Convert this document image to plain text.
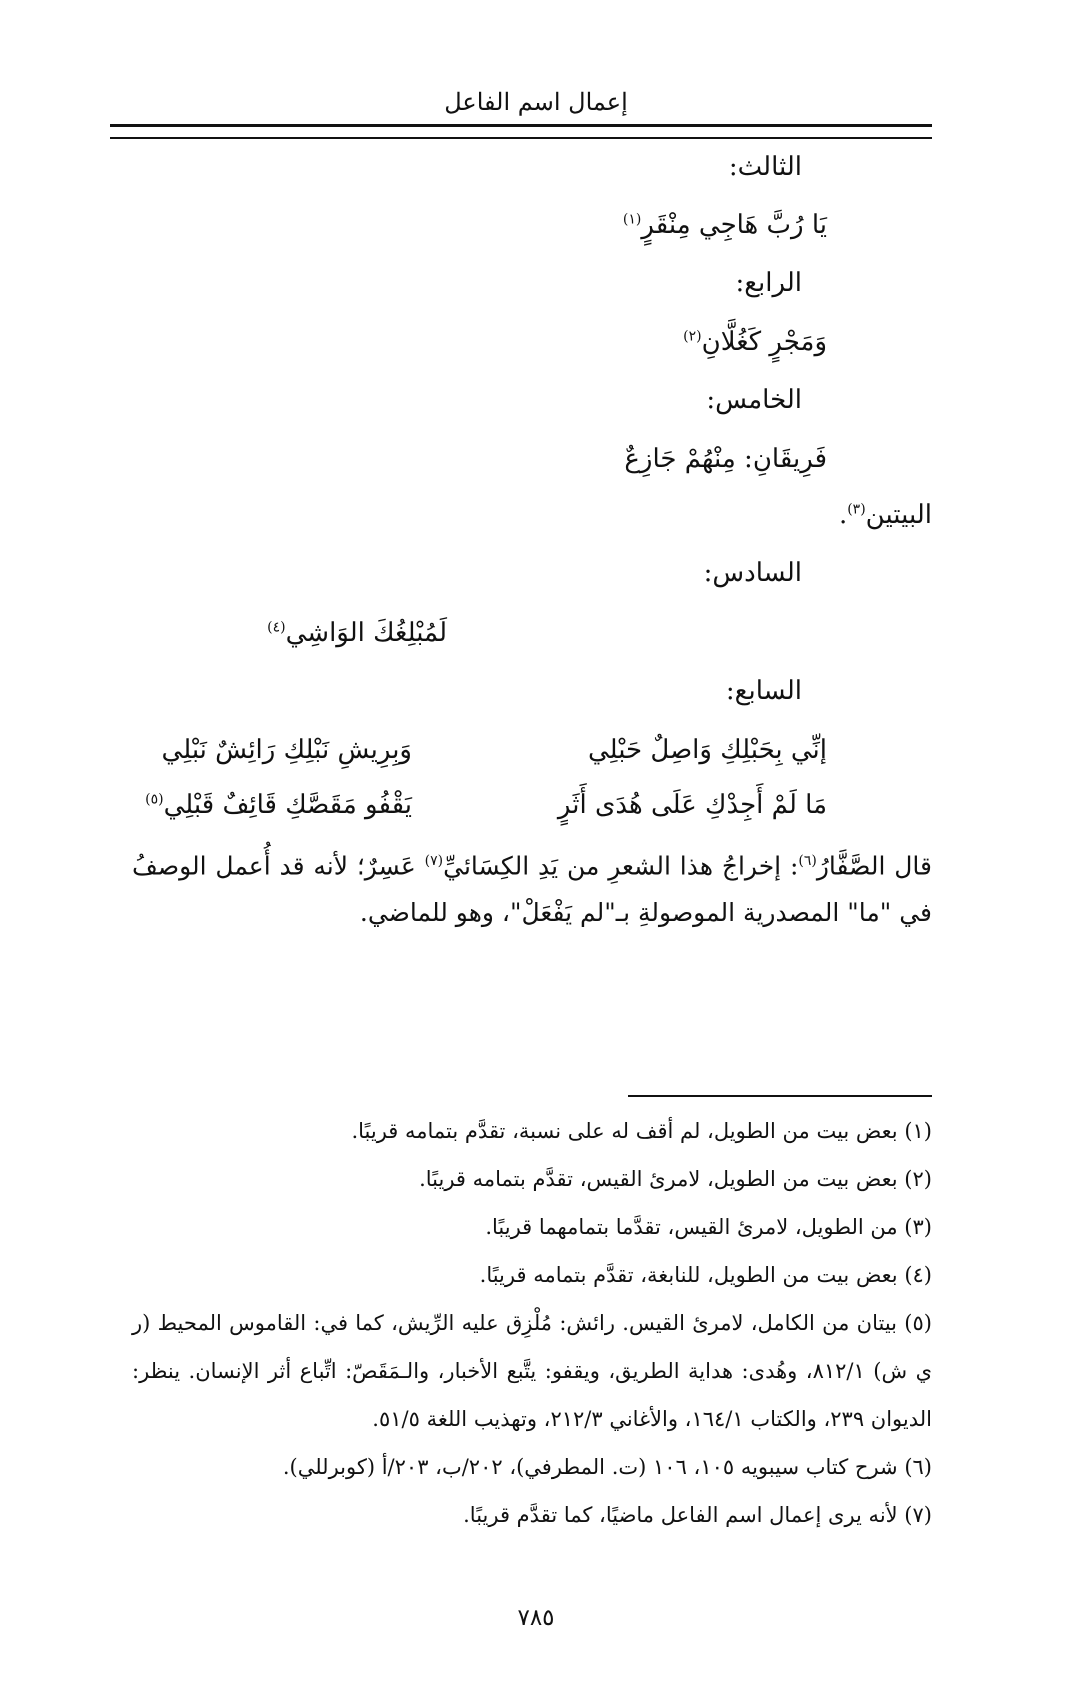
إعمال اسم الفاعل
الثالث:
يَا رُبَّ هَاجِي مِنْقَرٍ$^{(١)}$
الرابع:
وَمَجْرٍ كَغُلَّانِ$^{(٢)}$
الخامس:
فَرِيقَانِ: مِنْهُمْ جَازِعٌ
البيتين$^{(٣)}$.
السادس:
لَمُبْلِغُكَ الوَاشِي$^{(٤)}$
السابع:
إنِّي بِحَبْلِكِ وَاصِلٌ حَبْلِي
وَبِرِيشِ نَبْلِكِ رَائِشٌ نَبْلِي
مَا لَمْ أَجِدْكِ عَلَى هُدَى أَثَرٍ
يَقْفُو مَقَصَّكِ قَائِفٌ قَبْلِي$^{(٥)}$
قال الصَّفَّارُ$^{(٦)}$: إخراجُ هذا الشعرِ من يَدِ الكِسَائيِّ$^{(٧)}$ عَسِرٌ؛ لأنه قد أُعمل الوصفُ في "ما" المصدرية الموصولةِ بـ"لم يَفْعَلْ"، وهو للماضي.
(١) بعض بيت من الطويل، لم أقف له على نسبة، تقدَّم بتمامه قريبًا.
(٢) بعض بيت من الطويل، لامرئ القيس، تقدَّم بتمامه قريبًا.
(٣) من الطويل، لامرئ القيس، تقدَّما بتمامهما قريبًا.
(٤) بعض بيت من الطويل، للنابغة، تقدَّم بتمامه قريبًا.
(٥) بيتان من الكامل، لامرئ القيس. رائش: مُلْزِق عليه الرِّيش، كما في: القاموس المحيط (ر ي ش) ٨١٢/١، وهُدى: هداية الطريق، ويقفو: يتَّبع الأخبار، والـمَقَصّ: اتِّباع أثر الإنسان. ينظر: الديوان ٢٣٩، والكتاب ١٦٤/١، والأغاني ٢١٢/٣، وتهذيب اللغة ٥١/٥.
(٦) شرح كتاب سيبويه ١٠٥، ١٠٦ (ت. المطرفي)، ٢٠٢/ب، ٢٠٣/أ (كوبرللي).
(٧) لأنه يرى إعمال اسم الفاعل ماضيًا، كما تقدَّم قريبًا.
٧٨٥
